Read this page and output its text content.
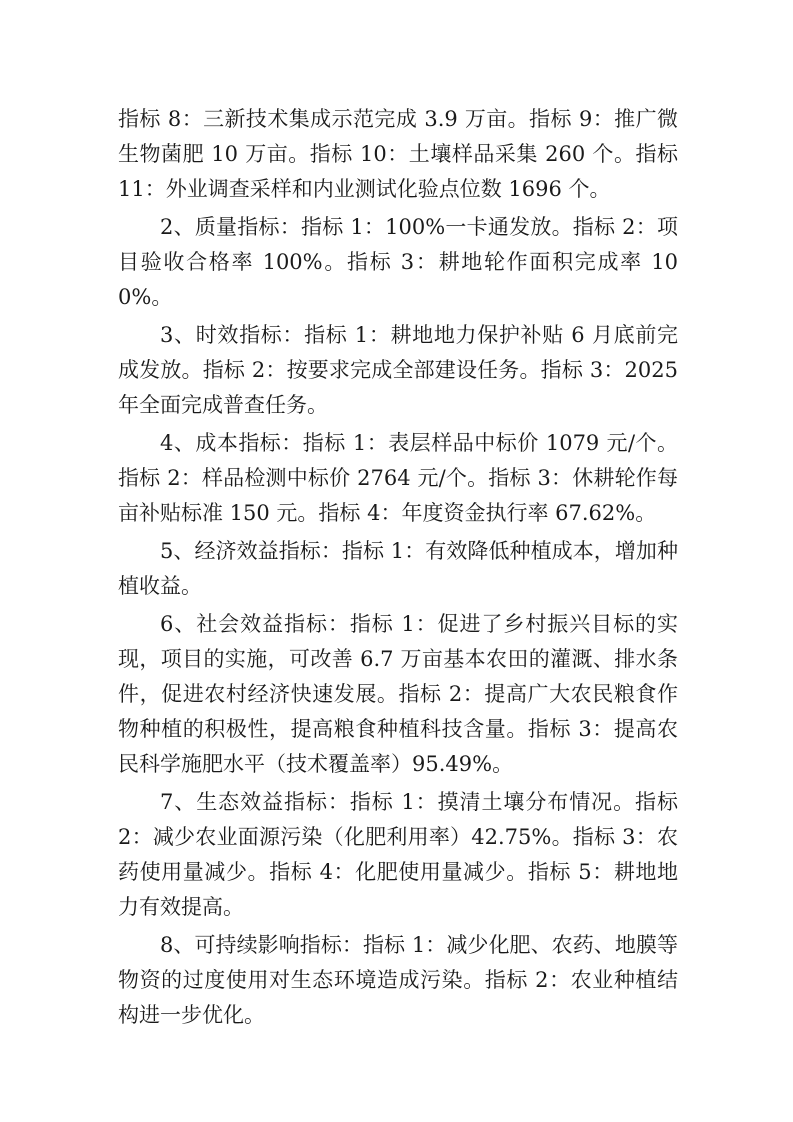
指标 8：三新技术集成示范完成 3.9 万亩。指标 9：推广微生物菌肥 10 万亩。指标 10：土壤样品采集 260 个。指标 11：外业调查采样和内业测试化验点位数 1696 个。

2、质量指标：指标 1：100%一卡通发放。指标 2：项目验收合格率 100%。指标 3：耕地轮作面积完成率 100%。

3、时效指标：指标 1：耕地地力保护补贴 6 月底前完成发放。指标 2：按要求完成全部建设任务。指标 3：2025 年全面完成普查任务。

4、成本指标：指标 1：表层样品中标价 1079 元/个。指标 2：样品检测中标价 2764 元/个。指标 3：休耕轮作每亩补贴标准 150 元。指标 4：年度资金执行率 67.62%。

5、经济效益指标：指标 1：有效降低种植成本，增加种植收益。

6、社会效益指标：指标 1：促进了乡村振兴目标的实现，项目的实施，可改善 6.7 万亩基本农田的灌溉、排水条件，促进农村经济快速发展。指标 2：提高广大农民粮食作物种植的积极性，提高粮食种植科技含量。指标 3：提高农民科学施肥水平（技术覆盖率）95.49%。

7、生态效益指标：指标 1：摸清土壤分布情况。指标 2：减少农业面源污染（化肥利用率）42.75%。指标 3：农药使用量减少。指标 4：化肥使用量减少。指标 5：耕地地力有效提高。

8、可持续影响指标：指标 1：减少化肥、农药、地膜等物资的过度使用对生态环境造成污染。指标 2：农业种植结构进一步优化。
